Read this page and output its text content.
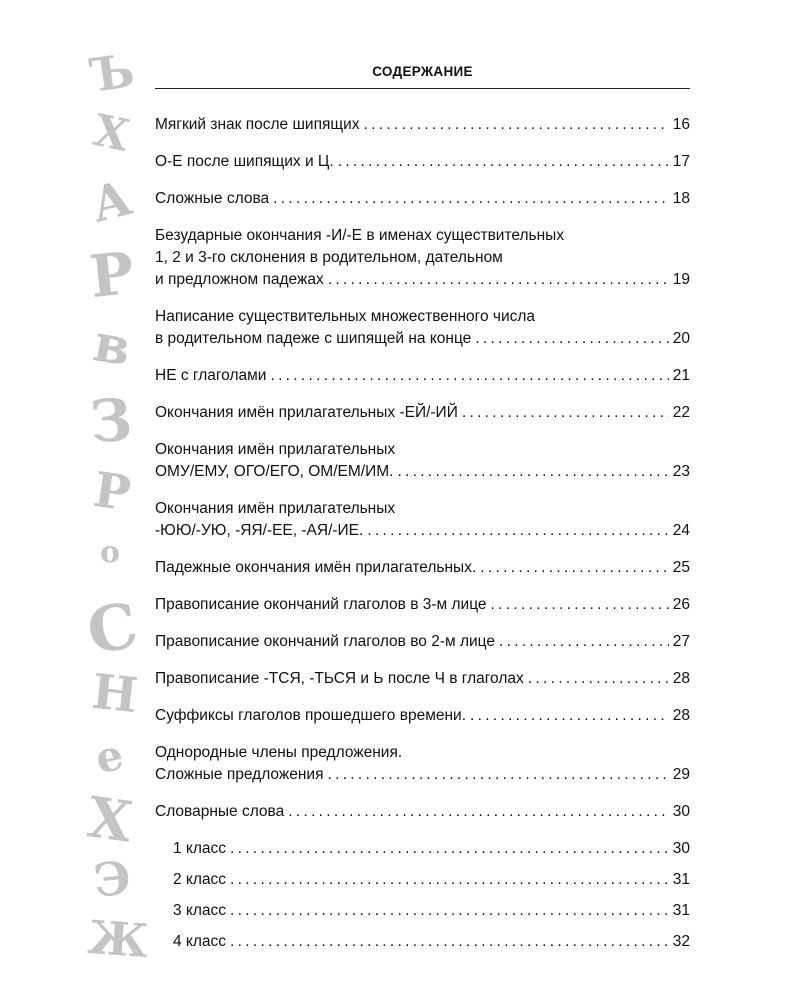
Ъ
Х
А
Р
в
З
Р
о
С
Н
е
Х
Э
Ж
СОДЕРЖАНИЕ
Мягкий знак после шипящих . . .	16
О-Е после шипящих и Ц. . . .	17
Сложные слова . . .	18
Безударные окончания -И/-Е в именах существительных
1, 2 и 3-го склонения в родительном, дательном
и предложном падежах . . .	19
Написание существительных множественного числа
в родительном падеже с шипящей на конце . . .	20
НЕ с глаголами . . .	21
Окончания имён прилагательных -ЕЙ/-ИЙ . . .	22
Окончания имён прилагательных
ОМУ/ЕМУ, ОГО/ЕГО, ОМ/ЕМ/ИМ. . . .	23
Окончания имён прилагательных
-ЮЮ/-УЮ, -ЯЯ/-ЕЕ, -АЯ/-ИЕ. . . .	24
Падежные окончания имён прилагательных. . . .	25
Правописание окончаний глаголов в 3-м лице . . .	26
Правописание окончаний глаголов во 2-м лице . . .	27
Правописание -ТСЯ, -ТЬСЯ и Ь после Ч в глаголах . . .	28
Суффиксы глаголов прошедшего времени. . . .	28
Однородные члены предложения.
Сложные предложения . . .	29
Словарные слова . . .	30
1 класс . . .	30
2 класс . . .	31
3 класс . . .	31
4 класс . . .	32
